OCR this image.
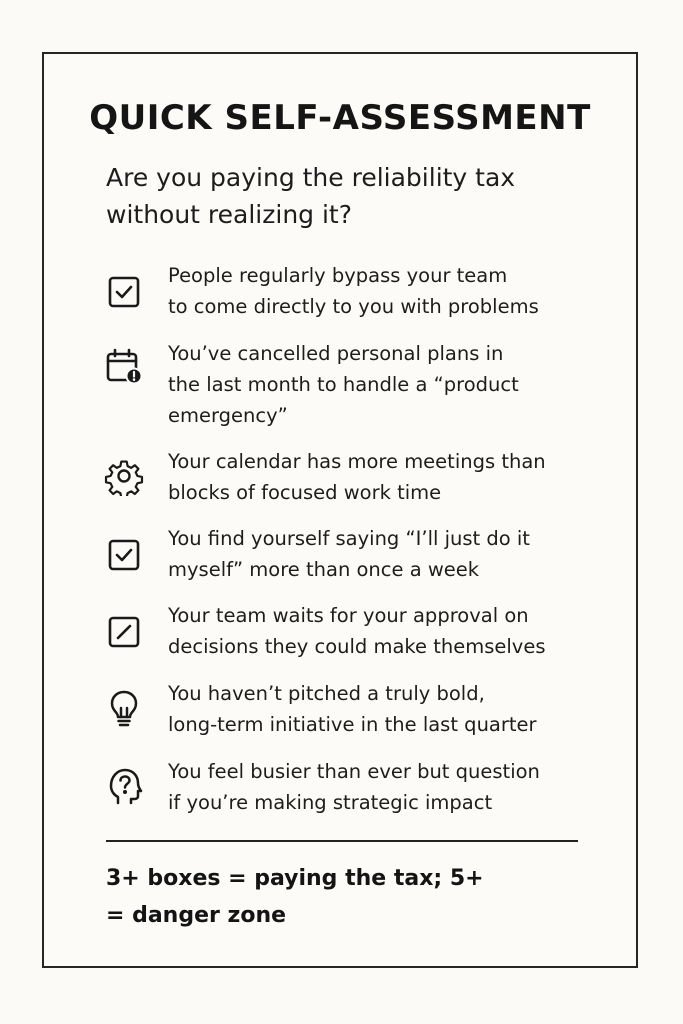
QUICK SELF-ASSESSMENT
Are you paying the reliability tax
without realizing it?
People regularly bypass your team
to come directly to you with problems
You’ve cancelled personal plans in
the last month to handle a “product
emergency”
Your calendar has more meetings than
blocks of focused work time
You find yourself saying “I’ll just do it
myself” more than once a week
Your team waits for your approval on
decisions they could make themselves
You haven’t pitched a truly bold,
long-term initiative in the last quarter
You feel busier than ever but question
if you’re making strategic impact
3+ boxes = paying the tax; 5+
= danger zone
